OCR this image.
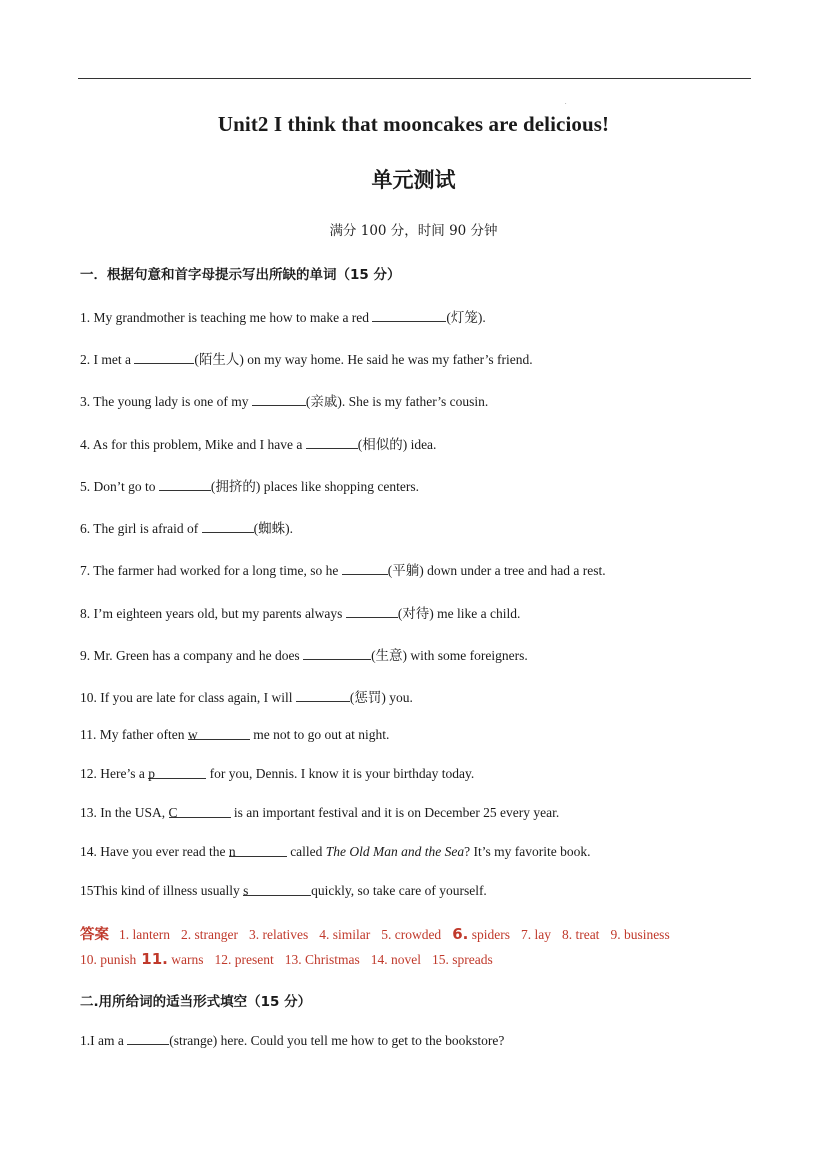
.
Unit2 I think that mooncakes are delicious!
单元测试
满分 100 分，时间 90 分钟
一．根据句意和首字母提示写出所缺的单词（15 分）
1. My grandmother is teaching me how to make a red	(灯笼).
2. I met a	(陌生人) on my way home. He said he was my father’s friend.
3. The young lady is one of my	(亲戚). She is my father’s cousin.
4. As for this problem, Mike and I have a	(相似的) idea.
5. Don’t go to	(拥挤的) places like shopping centers.
6. The girl is afraid of	(蜘蛛).
7. The farmer had worked for a long time, so he	(平躺) down under a tree and had a rest.
8. I’m eighteen years old, but my parents always	(对待) me like a child.
9. Mr. Green has a company and he does	(生意) with some foreigners.
10. If you are late for class again, I will	(惩罚) you.
11. My father often w	me not to go out at night.
12. Here’s a p	for you, Dennis. I know it is your birthday today.
13. In the USA, C	is an important festival and it is on December 25 every year.
14. Have you ever read the n	called The Old Man and the Sea? It’s my favorite book.
15This kind of illness usually s	quickly, so take care of yourself.
答案 1. lantern 2. stranger 3. relatives 4. similar 5. crowded 6. spiders 7. lay 8. treat 9. business
10. punish 11. warns 12. present 13. Christmas 14. novel 15. spreads
二.用所给词的适当形式填空（15 分）
1.I am a	(strange) here. Could you tell me how to get to the bookstore?
